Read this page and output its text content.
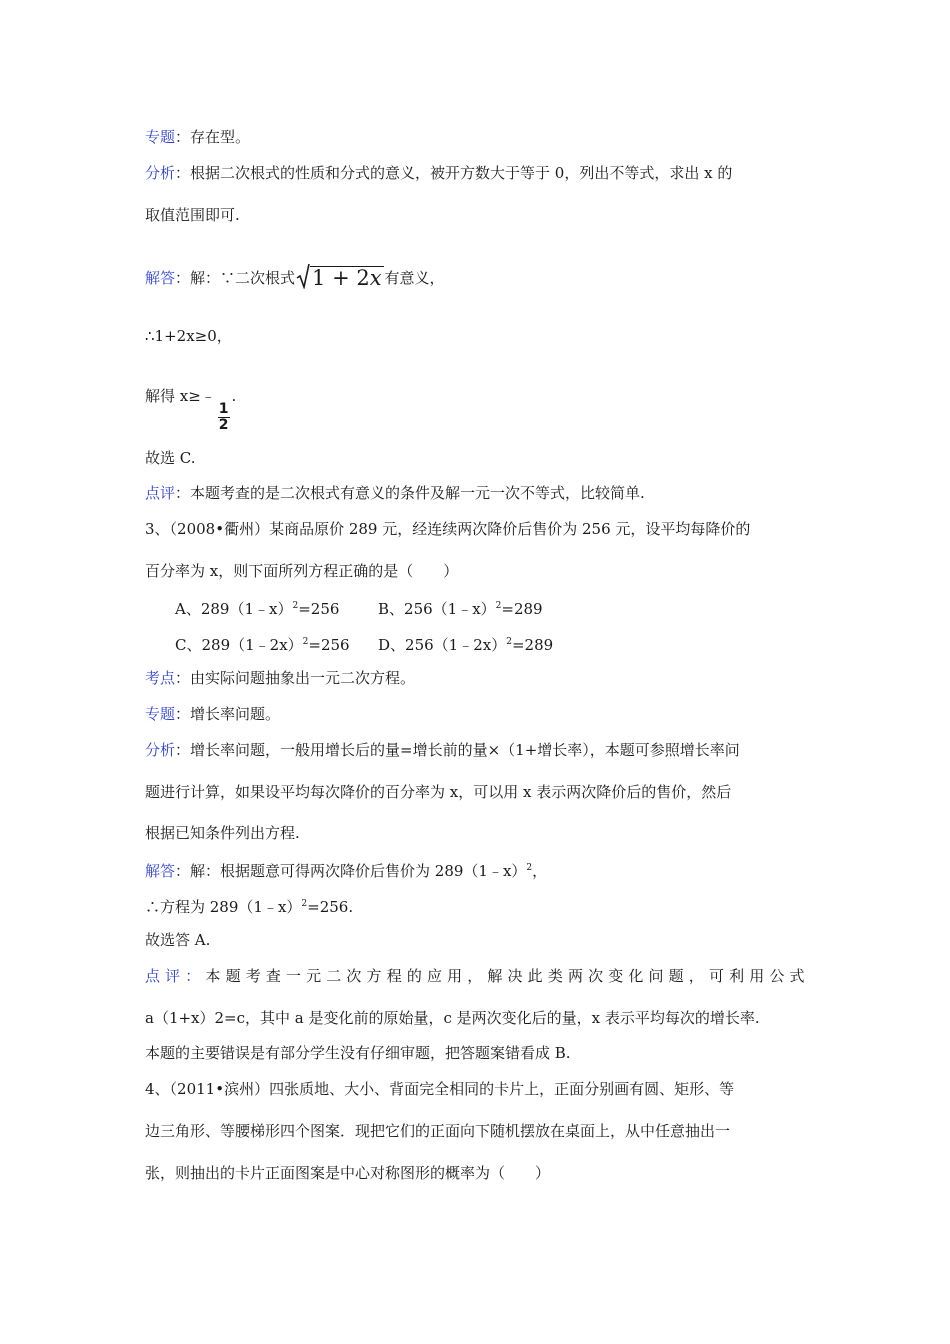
专题：存在型。
分析：根据二次根式的性质和分式的意义，被开方数大于等于 0，列出不等式，求出 x 的
取值范围即可.
解答：解：∵二次根式 1 + 2x 有意义，
∴1+2x≥0，
解得 x≥﹣
$\frac{1}{2}$
.
故选 C.
点评：本题考查的是二次根式有意义的条件及解一元一次不等式，比较简单.
3、（2008•衢州）某商品原价 289 元，经连续两次降价后售价为 256 元，设平均每降价的
百分率为 x，则下面所列方程正确的是（　　）
A、289（1﹣x）$^2$=256	B、256（1﹣x）$^2$=289
C、289（1﹣2x）$^2$=256 D、256（1﹣2x）$^2$=289
考点：由实际问题抽象出一元二次方程。
专题：增长率问题。
分析：增长率问题，一般用增长后的量=增长前的量×（1+增长率），本题可参照增长率问
题进行计算，如果设平均每次降价的百分率为 x，可以用 x 表示两次降价后的售价，然后
根据已知条件列出方程.
解答：解：根据题意可得两次降价后售价为 289（1﹣x）$^2$，
∴方程为 289（1﹣x）$^2$=256.
故选答 A.
点 评 ： 本 题 考 查 一 元 二 次 方 程 的 应 用 ， 解 决 此 类 两 次 变 化 问 题 ， 可 利 用 公 式
a（1+x）2=c，其中 a 是变化前的原始量，c 是两次变化后的量，x 表示平均每次的增长率.
本题的主要错误是有部分学生没有仔细审题，把答题案错看成 B.
4、（2011•滨州）四张质地、大小、背面完全相同的卡片上，正面分别画有圆、矩形、等
边三角形、等腰梯形四个图案．现把它们的正面向下随机摆放在桌面上，从中任意抽出一
张，则抽出的卡片正面图案是中心对称图形的概率为（　　）
